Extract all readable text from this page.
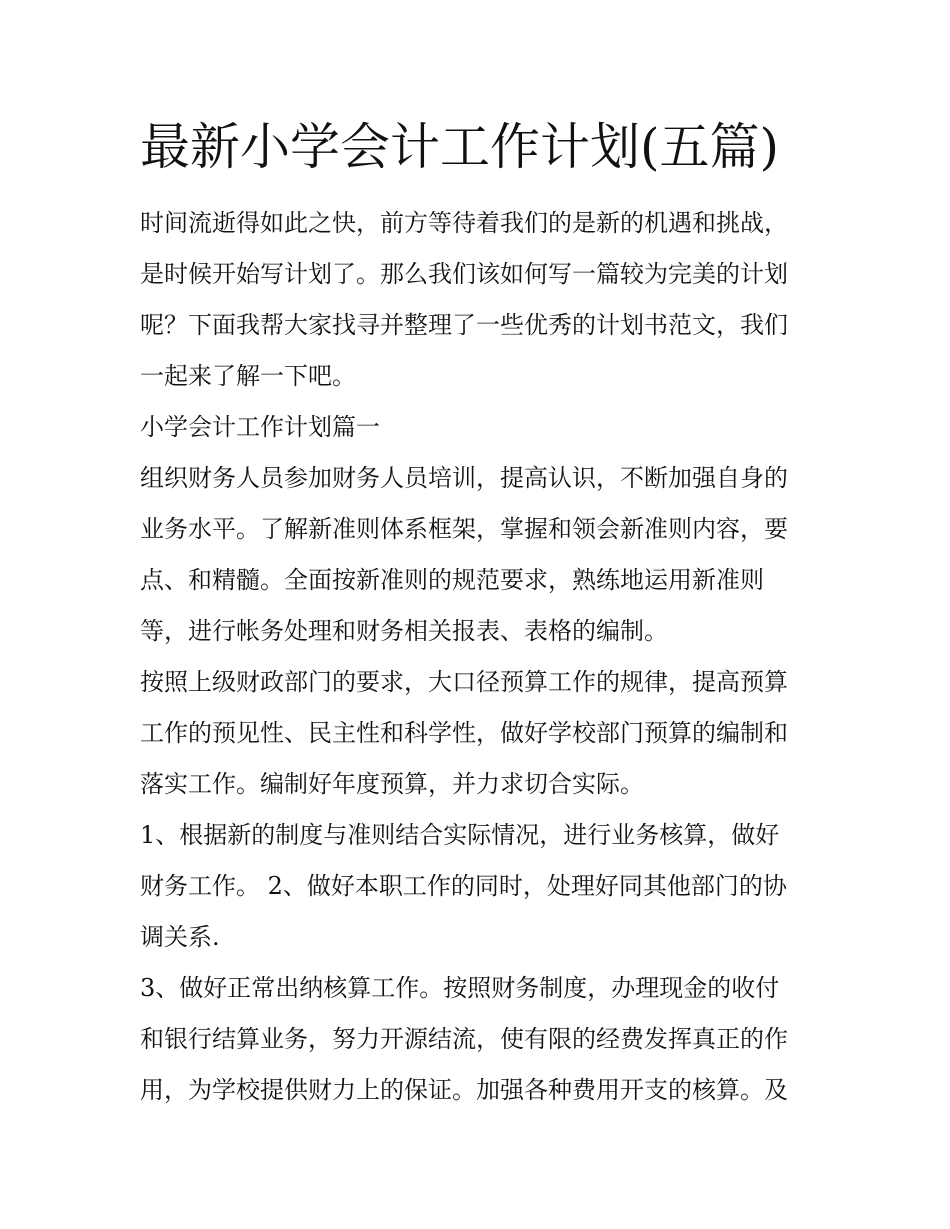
最新小学会计工作计划(五篇)
时间流逝得如此之快，前方等待着我们的是新的机遇和挑战，
是时候开始写计划了。那么我们该如何写一篇较为完美的计划
呢？下面我帮大家找寻并整理了一些优秀的计划书范文，我们
一起来了解一下吧。
小学会计工作计划篇一
组织财务人员参加财务人员培训，提高认识，不断加强自身的
业务水平。了解新准则体系框架，掌握和领会新准则内容，要
点、和精髓。全面按新准则的规范要求，熟练地运用新准则
等，进行帐务处理和财务相关报表、表格的编制。
按照上级财政部门的要求，大口径预算工作的规律，提高预算
工作的预见性、民主性和科学性，做好学校部门预算的编制和
落实工作。编制好年度预算，并力求切合实际。
1、根据新的制度与准则结合实际情况，进行业务核算，做好
财务工作。 2、做好本职工作的同时，处理好同其他部门的协
调关系.
3、做好正常出纳核算工作。按照财务制度，办理现金的收付
和银行结算业务，努力开源结流，使有限的经费发挥真正的作
用，为学校提供财力上的保证。加强各种费用开支的核算。及
